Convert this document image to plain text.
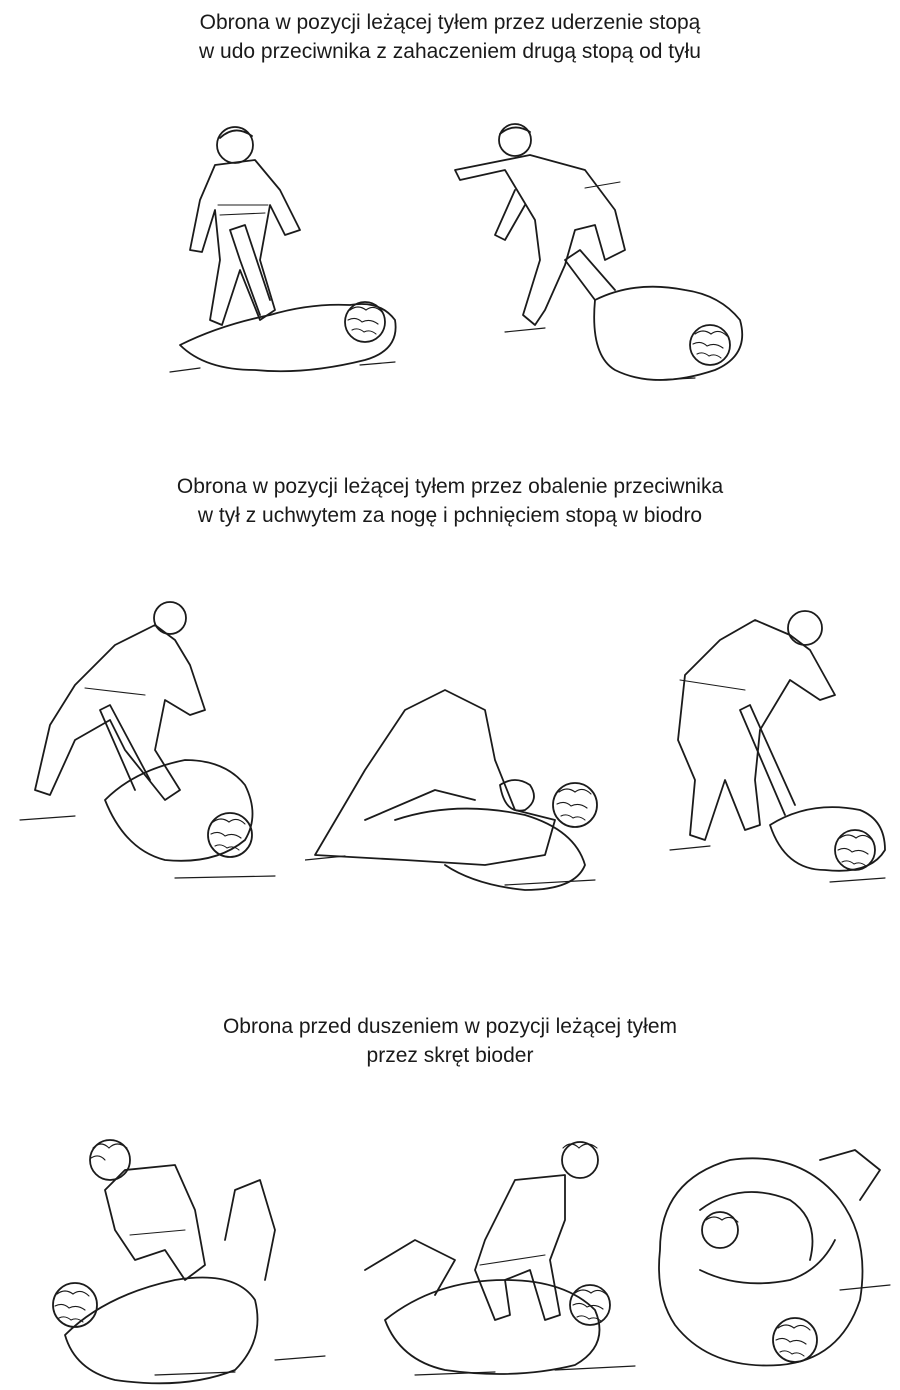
Obrona w pozycji leżącej tyłem przez uderzenie stopą
w udo przeciwnika z zahaczeniem drugą stopą od tyłu
Obrona w pozycji leżącej tyłem przez obalenie przeciwnika
w tył z uchwytem za nogę i pchnięciem stopą w biodro
Obrona przed duszeniem w pozycji leżącej tyłem
przez skręt bioder
